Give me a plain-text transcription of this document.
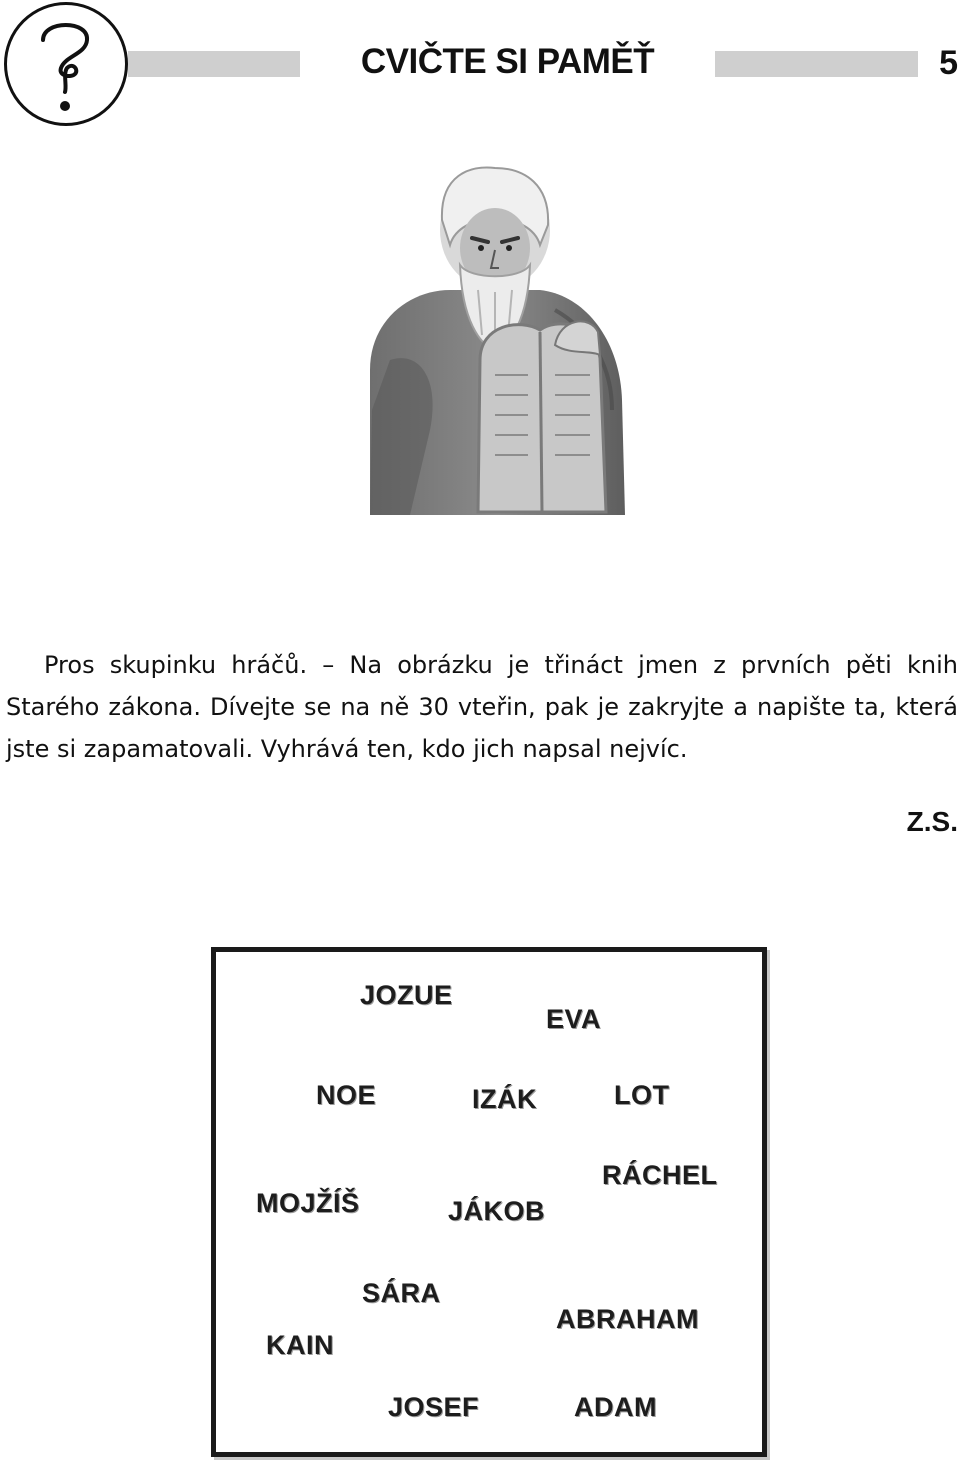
CVIČTE SI PAMĚŤ	5

Pros skupinku hráčů. – Na obrázku je třináct jmen z prvních pěti knih Starého zákona. Dívejte se na ně 30 vteřin, pak je zakryjte a napište ta, která jste si zapamatovali. Vyhrává ten, kdo jich napsal nejvíc.

Z.S.
JOZUE
EVA
NOE	IZÁK	LOT
RÁCHEL
MOJŽÍŠ	JÁKOB
SÁRA
ABRAHAM
KAIN
JOSEF	ADAM
